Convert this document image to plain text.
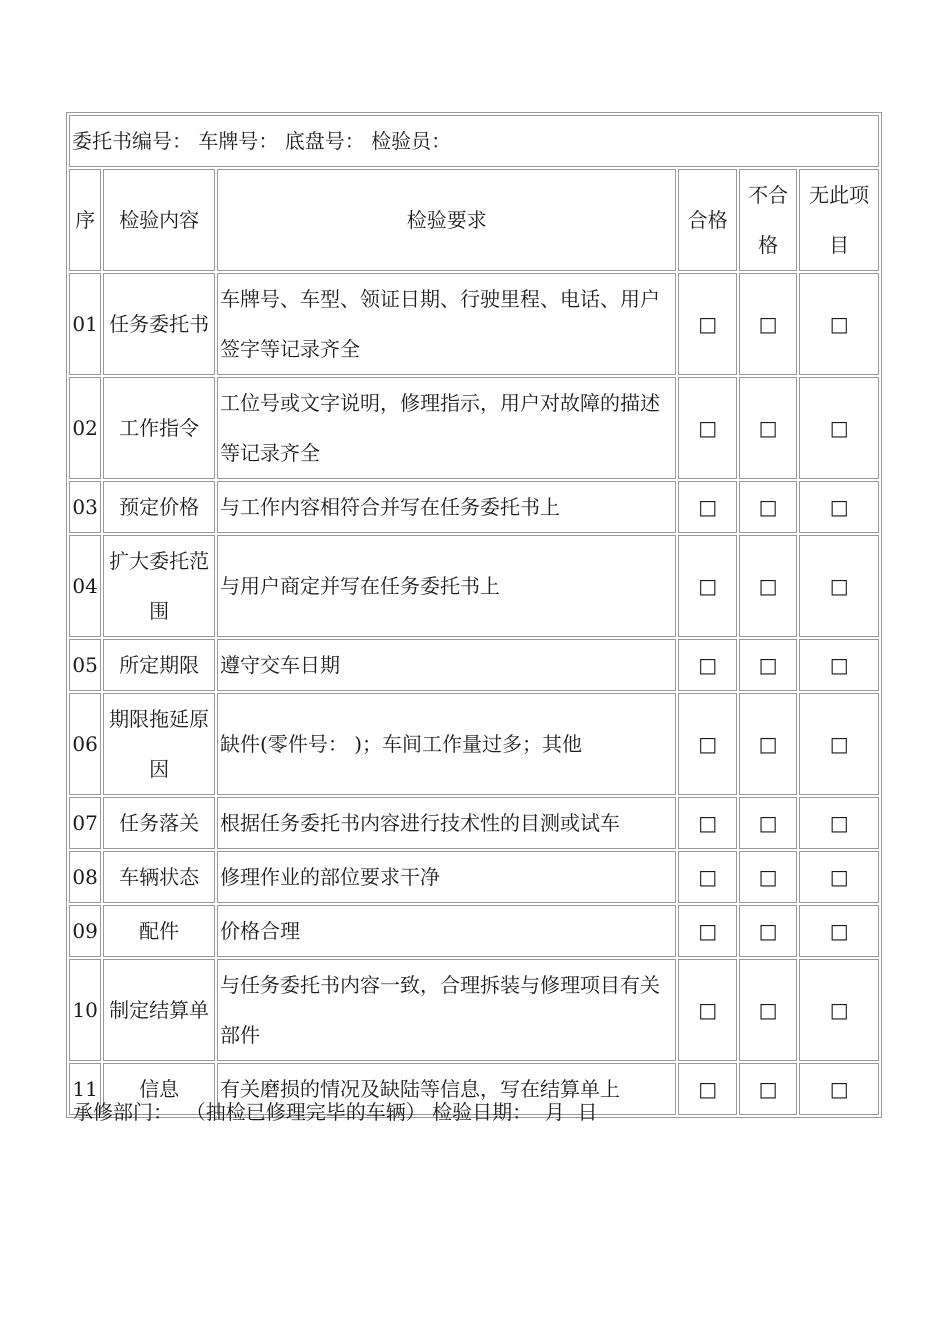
委托书编号： 车牌号： 底盘号： 检验员：					
序	检验内容	检验要求	合格	不合格	无此项目
01	任务委托书	车牌号、车型、领证日期、行驶里程、电话、用户签字等记录齐全	□	□	□
02	工作指令	工位号或文字说明，修理指示，用户对故障的描述等记录齐全	□	□	□
03	预定价格	与工作内容相符合并写在任务委托书上	□	□	□
04	扩大委托范围	与用户商定并写在任务委托书上	□	□	□
05	所定期限	遵守交车日期	□	□	□
06	期限拖延原因	缺件(零件号： )；车间工作量过多；其他	□	□	□
07	任务落关	根据任务委托书内容进行技术性的目测或试车	□	□	□
08	车辆状态	修理作业的部位要求干净	□	□	□
09	配件	价格合理	□	□	□
10	制定结算单	与任务委托书内容一致，合理拆装与修理项目有关部件	□	□	□
11	信息	有关磨损的情况及缺陆等信息，写在结算单上	□	□	□
承修部门：  （抽检已修理完毕的车辆） 检验日期：  月  日
